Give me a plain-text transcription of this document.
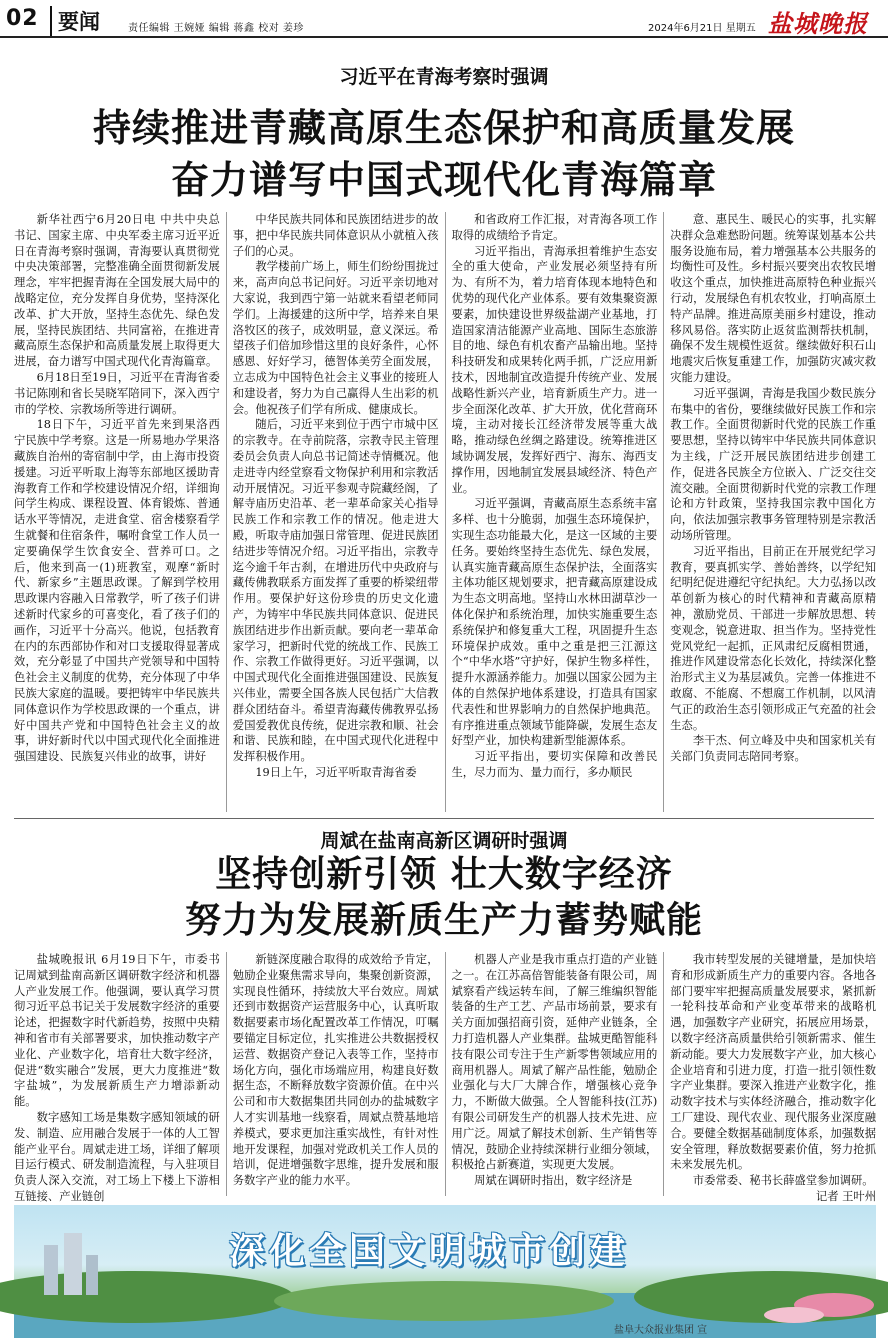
02 要闻	责任编辑 王婉娅 编辑 蒋鑫 校对 姜珍	2024年6月21日 星期五 盐城晚报
习近平在青海考察时强调
持续推进青藏高原生态保护和高质量发展
奋力谱写中国式现代化青海篇章

新华社西宁6月20日电 中共中央总书记、国家主席、中央军委主席习近平近日在青海考察时强调，青海要认真贯彻党中央决策部署，完整准确全面贯彻新发展理念，牢牢把握青海在全国发展大局中的战略定位，充分发挥自身优势，坚持深化改革、扩大开放，坚持生态优先、绿色发展，坚持民族团结、共同富裕，在推进青藏高原生态保护和高质量发展上取得更大进展，奋力谱写中国式现代化青海篇章。

6月18日至19日，习近平在青海省委书记陈刚和省长吴晓军陪同下，深入西宁市的学校、宗教场所等进行调研。

18日下午，习近平首先来到果洛西宁民族中学考察。这是一所易地办学果洛藏族自治州的寄宿制中学，由上海市投资援建。习近平听取上海等东部地区援助青海教育工作和学校建设情况介绍，详细询问学生构成、课程设置、体育锻炼、普通话水平等情况，走进食堂、宿舍楼察看学生就餐和住宿条件，嘱咐食堂工作人员一定要确保学生饮食安全、营养可口。之后，他来到高一(1)班教室，观摩“新时代、新家乡”主题思政课。了解到学校用思政课内容融入日常教学，听了孩子们讲述新时代家乡的可喜变化，看了孩子们的画作，习近平十分高兴。他说，包括教育在内的东西部协作和对口支援取得显著成效，充分彰显了中国共产党领导和中国特色社会主义制度的优势，充分体现了中华民族大家庭的温暖。要把铸牢中华民族共同体意识作为学校思政课的一个重点，讲好中国共产党和中国特色社会主义的故事，讲好新时代以中国式现代化全面推进强国建设、民族复兴伟业的故事，讲好

中华民族共同体和民族团结进步的故事，把中华民族共同体意识从小就植入孩子们的心灵。

教学楼前广场上，师生们纷纷围拢过来，高声向总书记问好。习近平亲切地对大家说，我到西宁第一站就来看望老师同学们。上海援建的这所中学，培养来自果洛牧区的孩子，成效明显，意义深远。希望孩子们倍加珍惜这里的良好条件，心怀感恩、好好学习，德智体美劳全面发展，立志成为中国特色社会主义事业的接班人和建设者，努力为自己赢得人生出彩的机会。他祝孩子们学有所成、健康成长。

随后，习近平来到位于西宁市城中区的宗教寺。在寺前院落，宗教寺民主管理委员会负责人向总书记简述寺情概况。他走进寺内经堂察看文物保护利用和宗教活动开展情况。习近平参观寺院藏经阁，了解寺庙历史沿革、老一辈革命家关心指导民族工作和宗教工作的情况。他走进大殿，听取寺庙加强日常管理、促进民族团结进步等情况介绍。习近平指出，宗教寺迄今逾千年古刹，在增进历代中央政府与藏传佛教联系方面发挥了重要的桥梁纽带作用。要保护好这份珍贵的历史文化遗产，为铸牢中华民族共同体意识、促进民族团结进步作出新贡献。要向老一辈革命家学习，把新时代党的统战工作、民族工作、宗教工作做得更好。习近平强调，以中国式现代化全面推进强国建设、民族复兴伟业，需要全国各族人民包括广大信教群众团结奋斗。希望青海藏传佛教界弘扬爱国爱教优良传统，促进宗教和顺、社会和谐、民族和睦，在中国式现代化进程中发挥积极作用。

19日上午，习近平听取青海省委

和省政府工作汇报，对青海各项工作取得的成绩给予肯定。

习近平指出，青海承担着维护生态安全的重大使命，产业发展必须坚持有所为、有所不为，着力培育体现本地特色和优势的现代化产业体系。要有效集聚资源要素，加快建设世界级盐湖产业基地，打造国家清洁能源产业高地、国际生态旅游目的地、绿色有机农畜产品输出地。坚持科技研发和成果转化两手抓，广泛应用新技术，因地制宜改造提升传统产业、发展战略性新兴产业，培育新质生产力。进一步全面深化改革、扩大开放，优化营商环境，主动对接长江经济带发展等重大战略，推动绿色丝绸之路建设。统筹推进区域协调发展，发挥好西宁、海东、海西支撑作用，因地制宜发展县域经济、特色产业。

习近平强调，青藏高原生态系统丰富多样、也十分脆弱，加强生态环境保护，实现生态功能最大化，是这一区域的主要任务。要始终坚持生态优先、绿色发展，认真实施青藏高原生态保护法，全面落实主体功能区规划要求，把青藏高原建设成为生态文明高地。坚持山水林田湖草沙一体化保护和系统治理，加快实施重要生态系统保护和修复重大工程，巩固提升生态环境保护成效。重中之重是把三江源这个“中华水塔”守护好，保护生物多样性，提升水源涵养能力。加强以国家公园为主体的自然保护地体系建设，打造具有国家代表性和世界影响力的自然保护地典范。有序推进重点领域节能降碳，发展生态友好型产业，加快构建新型能源体系。

习近平指出，要切实保障和改善民生，尽力而为、量力而行，多办顺民

意、惠民生、暖民心的实事，扎实解决群众急难愁盼问题。统筹谋划基本公共服务设施布局，着力增强基本公共服务的均衡性可及性。乡村振兴要突出农牧民增收这个重点，加快推进高原特色种业振兴行动，发展绿色有机农牧业，打响高原土特产品牌。推进高原美丽乡村建设，推动移风易俗。落实防止返贫监测帮扶机制，确保不发生规模性返贫。继续做好积石山地震灾后恢复重建工作，加强防灾减灾救灾能力建设。

习近平强调，青海是我国少数民族分布集中的省份，要继续做好民族工作和宗教工作。全面贯彻新时代党的民族工作重要思想，坚持以铸牢中华民族共同体意识为主线，广泛开展民族团结进步创建工作，促进各民族全方位嵌入、广泛交往交流交融。全面贯彻新时代党的宗教工作理论和方针政策，坚持我国宗教中国化方向，依法加强宗教事务管理特别是宗教活动场所管理。

习近平指出，目前正在开展党纪学习教育，要真抓实学、善始善终，以学纪知纪明纪促进遵纪守纪执纪。大力弘扬以改革创新为核心的时代精神和青藏高原精神，激励党员、干部进一步解放思想、转变观念，锐意进取、担当作为。坚持党性党风党纪一起抓，正风肃纪反腐相贯通，推进作风建设常态化长效化，持续深化整治形式主义为基层减负。完善一体推进不敢腐、不能腐、不想腐工作机制，以风清气正的政治生态引领形成正气充盈的社会生态。

李干杰、何立峰及中央和国家机关有关部门负责同志陪同考察。

周斌在盐南高新区调研时强调
坚持创新引领 壮大数字经济
努力为发展新质生产力蓄势赋能

盐城晚报讯 6月19日下午，市委书记周斌到盐南高新区调研数字经济和机器人产业发展工作。他强调，要认真学习贯彻习近平总书记关于发展数字经济的重要论述，把握数字时代新趋势，按照中央精神和省市有关部署要求，加快推动数字产业化、产业数字化，培育壮大数字经济，促进“数实融合”发展，更大力度推进“数字盐城”，为发展新质生产力增添新动能。

数字感知工场是集数字感知领域的研发、制造、应用融合发展于一体的人工智能产业平台。周斌走进工场，详细了解项目运行模式、研发制造流程，与入驻项目负责人深入交流，对工场上下楼上下游相互链接、产业链创

新链深度融合取得的成效给予肯定，勉励企业聚焦需求导向，集聚创新资源，实现良性循环，持续放大平台效应。周斌还到市数据资产运营服务中心，认真听取数据要素市场化配置改革工作情况，叮嘱要锚定目标定位，扎实推进公共数据授权运营、数据资产登记入表等工作，坚持市场化方向，强化市场端应用，构建良好数据生态，不断释放数字资源价值。在中兴公司和市大数据集团共同创办的盐城数字人才实训基地一线察看，周斌点赞基地培养模式，要求更加注重实战性，有针对性地开发课程，加强对党政机关工作人员的培训，促进增强数字思维，提升发展和服务数字产业的能力水平。

机器人产业是我市重点打造的产业链之一。在江苏高倍智能装备有限公司，周斌察看产线运转车间，了解三维编织智能装备的生产工艺、产品市场前景，要求有关方面加强招商引资，延伸产业链条，全力打造机器人产业集群。盐城更酷智能科技有限公司专注于生产新零售领域应用的商用机器人。周斌了解产品性能，勉励企业强化与大厂大牌合作，增强核心竞争力，不断做大做强。仝人智能科技(江苏)有限公司研发生产的机器人技术先进、应用广泛。周斌了解技术创新、生产销售等情况，鼓励企业持续深耕行业细分领域，积极抢占新赛道，实现更大发展。

周斌在调研时指出，数字经济是

我市转型发展的关键增量，是加快培育和形成新质生产力的重要内容。各地各部门要牢牢把握高质量发展要求，紧抓新一轮科技革命和产业变革带来的战略机遇，加强数字产业研究，拓展应用场景，以数字经济高质量供给引领新需求、催生新动能。要大力发展数字产业，加大核心企业培育和引进力度，打造一批引领性数字产业集群。要深入推进产业数字化，推动数字技术与实体经济融合，推动数字化工厂建设、现代农业、现代服务业深度融合。要健全数据基础制度体系，加强数据安全管理，释放数据要素价值，努力抢抓未来发展先机。

市委常委、秘书长薛盛堂参加调研。

记者 王叶州

深化全国文明城市创建
盐阜大众报业集团 宣
